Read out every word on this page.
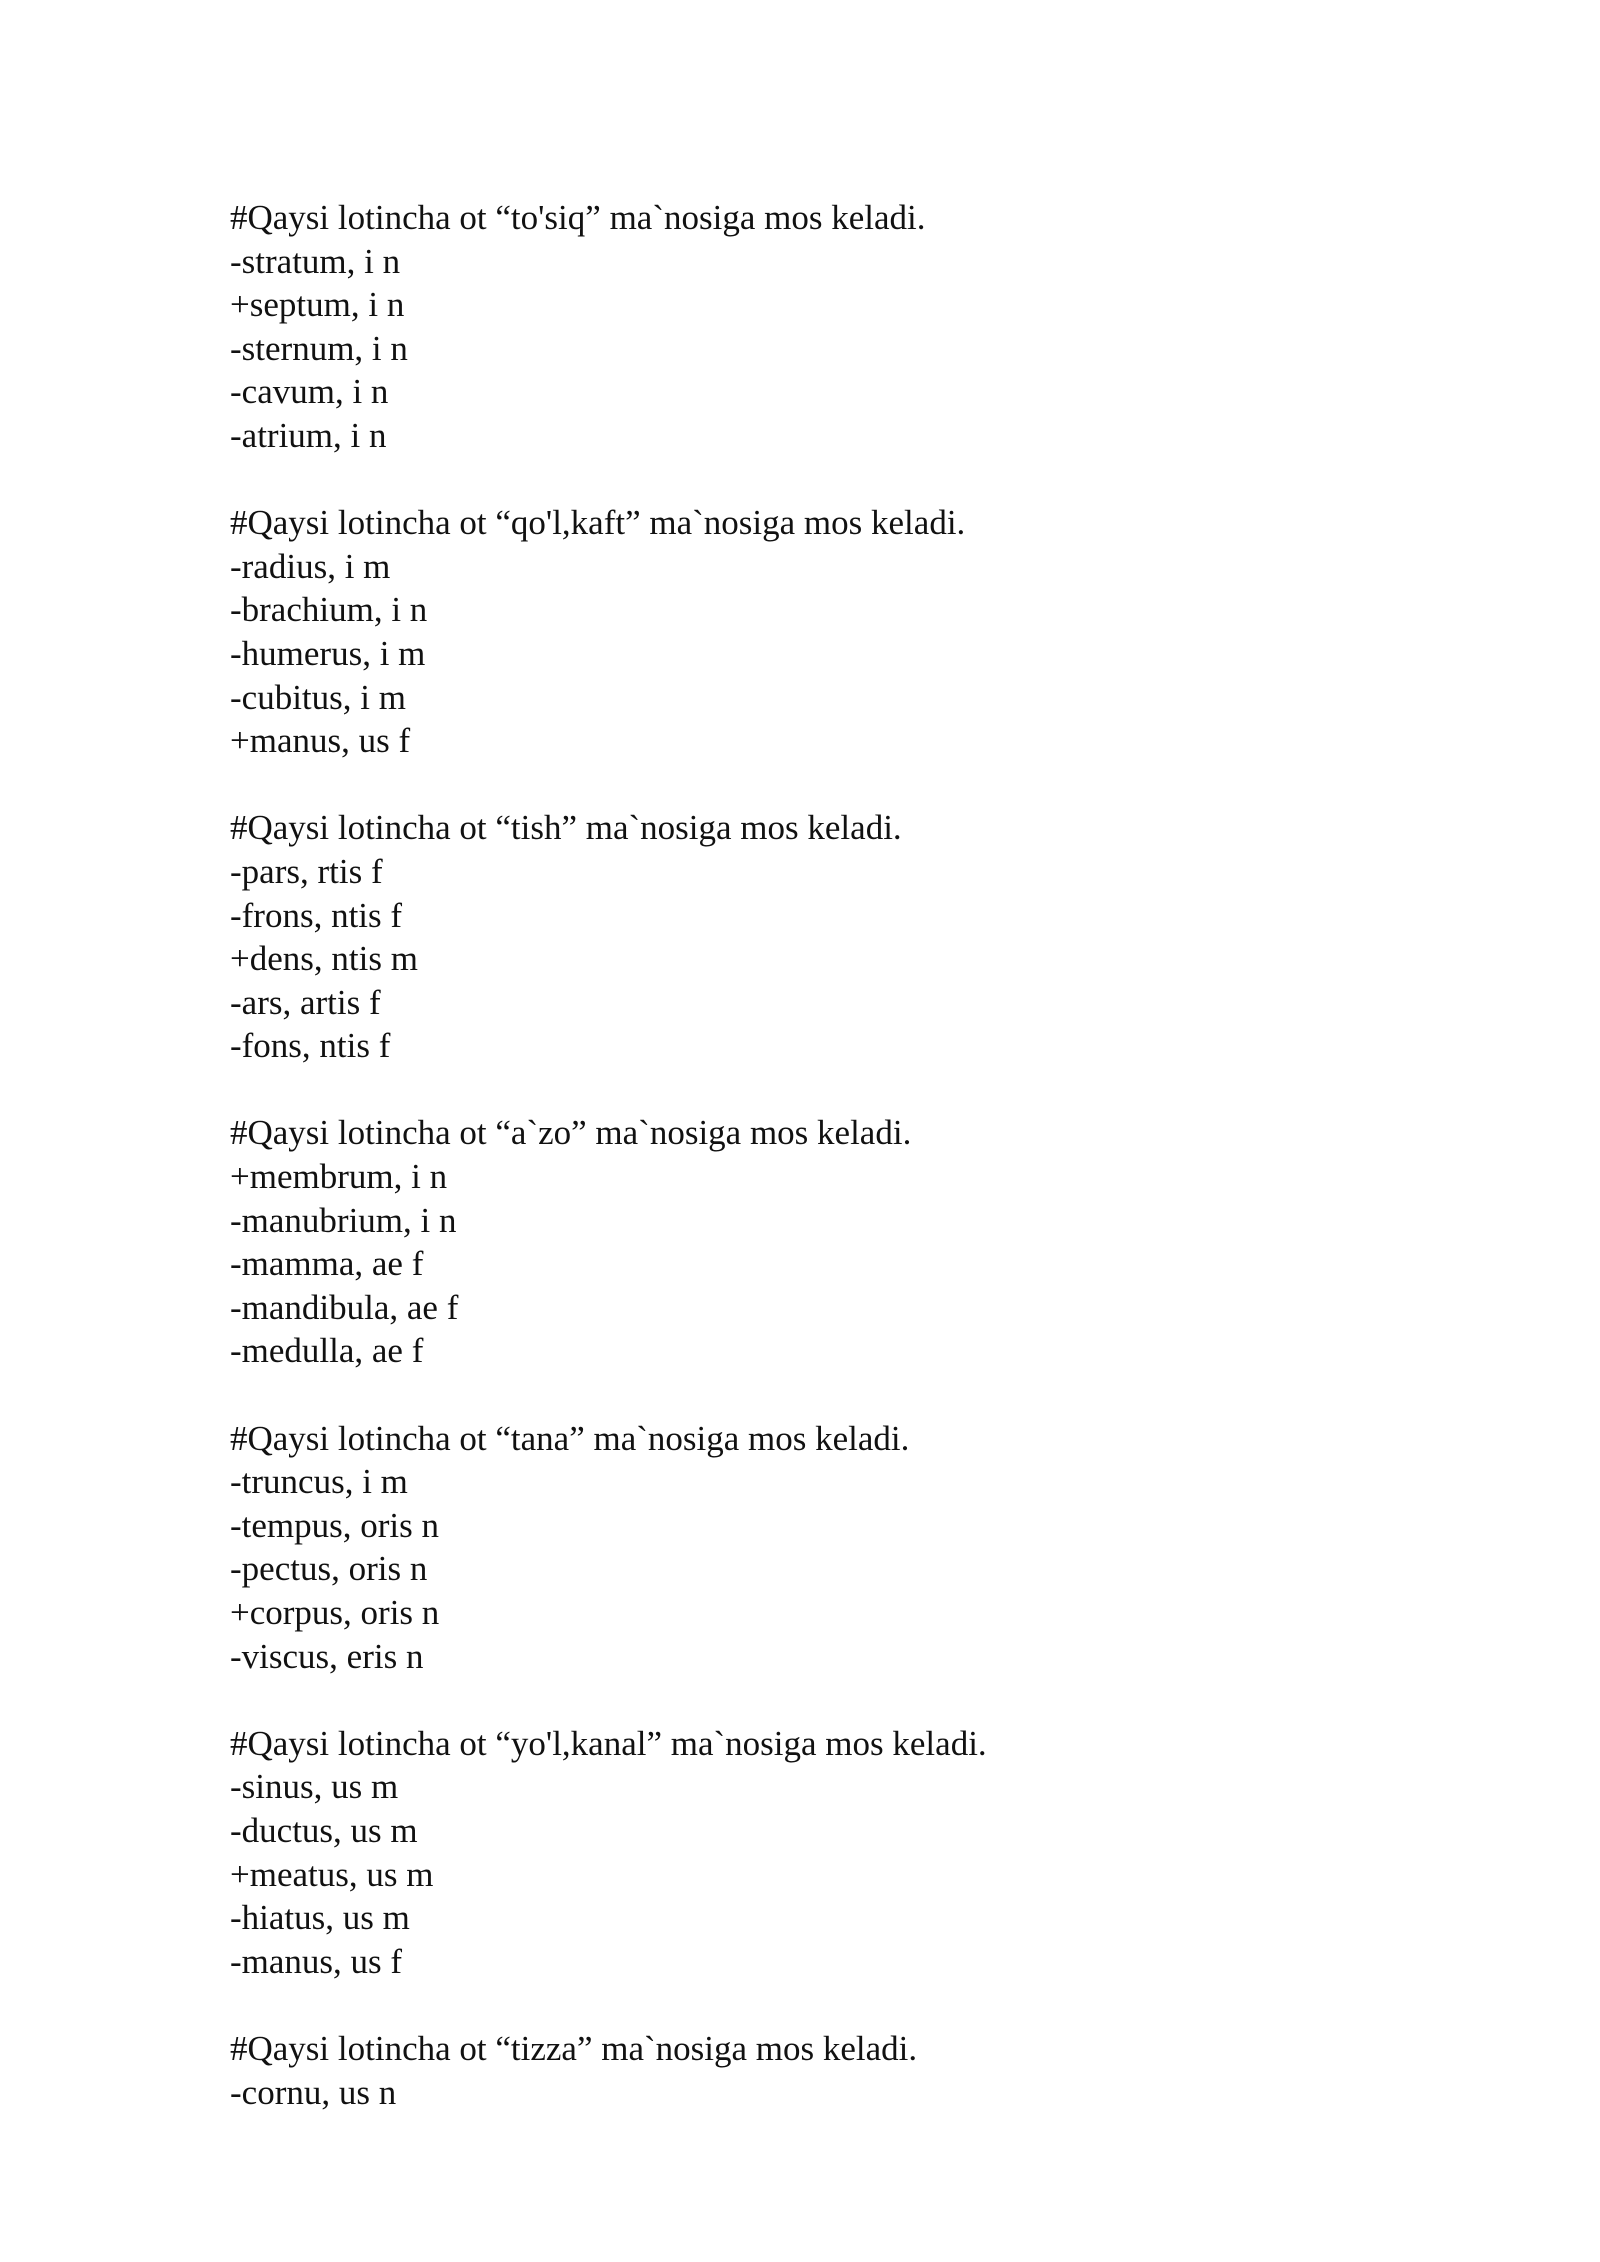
#Qaysi lotincha ot “to'siq” ma`nosiga mos keladi.
-stratum, i n
+septum, i n
-sternum, i n
-cavum, i n
-atrium, i n
#Qaysi lotincha ot “qo'l,kaft” ma`nosiga mos keladi.
-radius, i m
-brachium, i n
-humerus, i m
-cubitus, i m
+manus, us f
#Qaysi lotincha ot “tish” ma`nosiga mos keladi.
-pars, rtis f
-frons, ntis f
+dens, ntis m
-ars, artis f
-fons, ntis f
#Qaysi lotincha ot “a`zo” ma`nosiga mos keladi.
+membrum, i n
-manubrium, i n
-mamma, ae f
-mandibula, ae f
-medulla, ae f
#Qaysi lotincha ot “tana” ma`nosiga mos keladi.
-truncus, i m
-tempus, oris n
-pectus, oris n
+corpus, oris n
-viscus, eris n
#Qaysi lotincha ot “yo'l,kanal” ma`nosiga mos keladi.
-sinus, us m
-ductus, us m
+meatus, us m
-hiatus, us m
-manus, us f
#Qaysi lotincha ot “tizza” ma`nosiga mos keladi.
-cornu, us n
